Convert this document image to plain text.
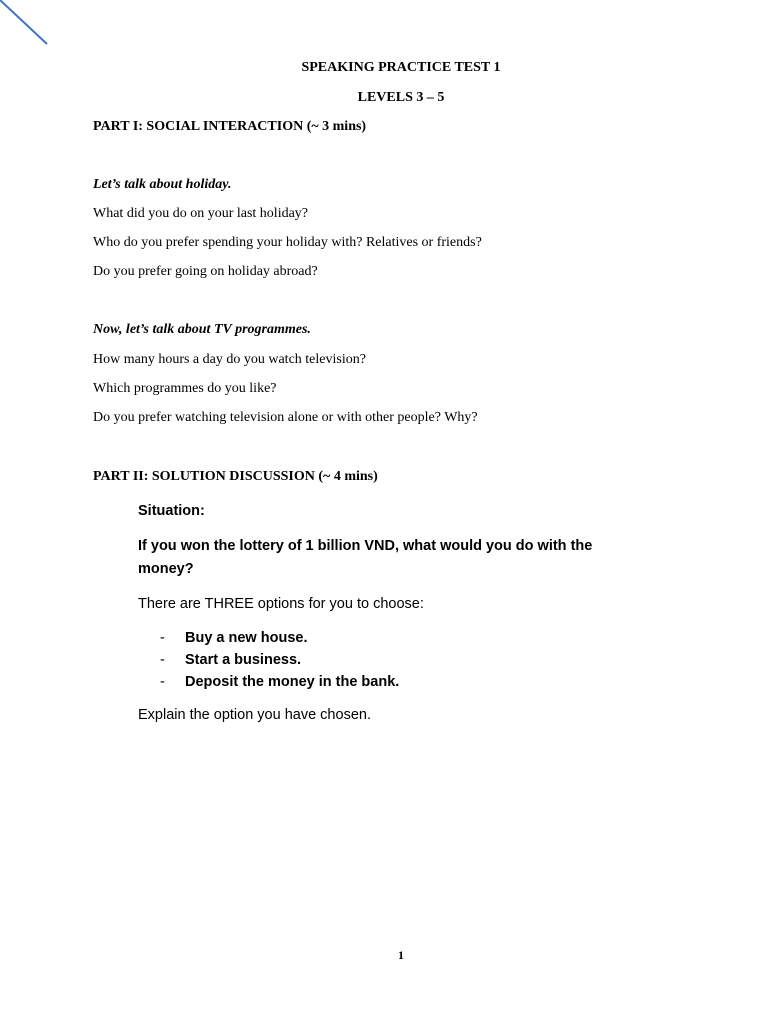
SPEAKING PRACTICE TEST 1
LEVELS 3 – 5
PART I: SOCIAL INTERACTION (~ 3 mins)
Let’s talk about holiday.
What did you do on your last holiday?
Who do you prefer spending your holiday with? Relatives or friends?
Do you prefer going on holiday abroad?
Now, let’s talk about TV programmes.
How many hours a day do you watch television?
Which programmes do you like?
Do you prefer watching television alone or with other people? Why?
PART II: SOLUTION DISCUSSION (~ 4 mins)
Situation:
If you won the lottery of 1 billion VND, what would you do with the
money?
There are THREE options for you to choose:
- Buy a new house.
- Start a business.
- Deposit the money in the bank.
Explain the option you have chosen.
1
